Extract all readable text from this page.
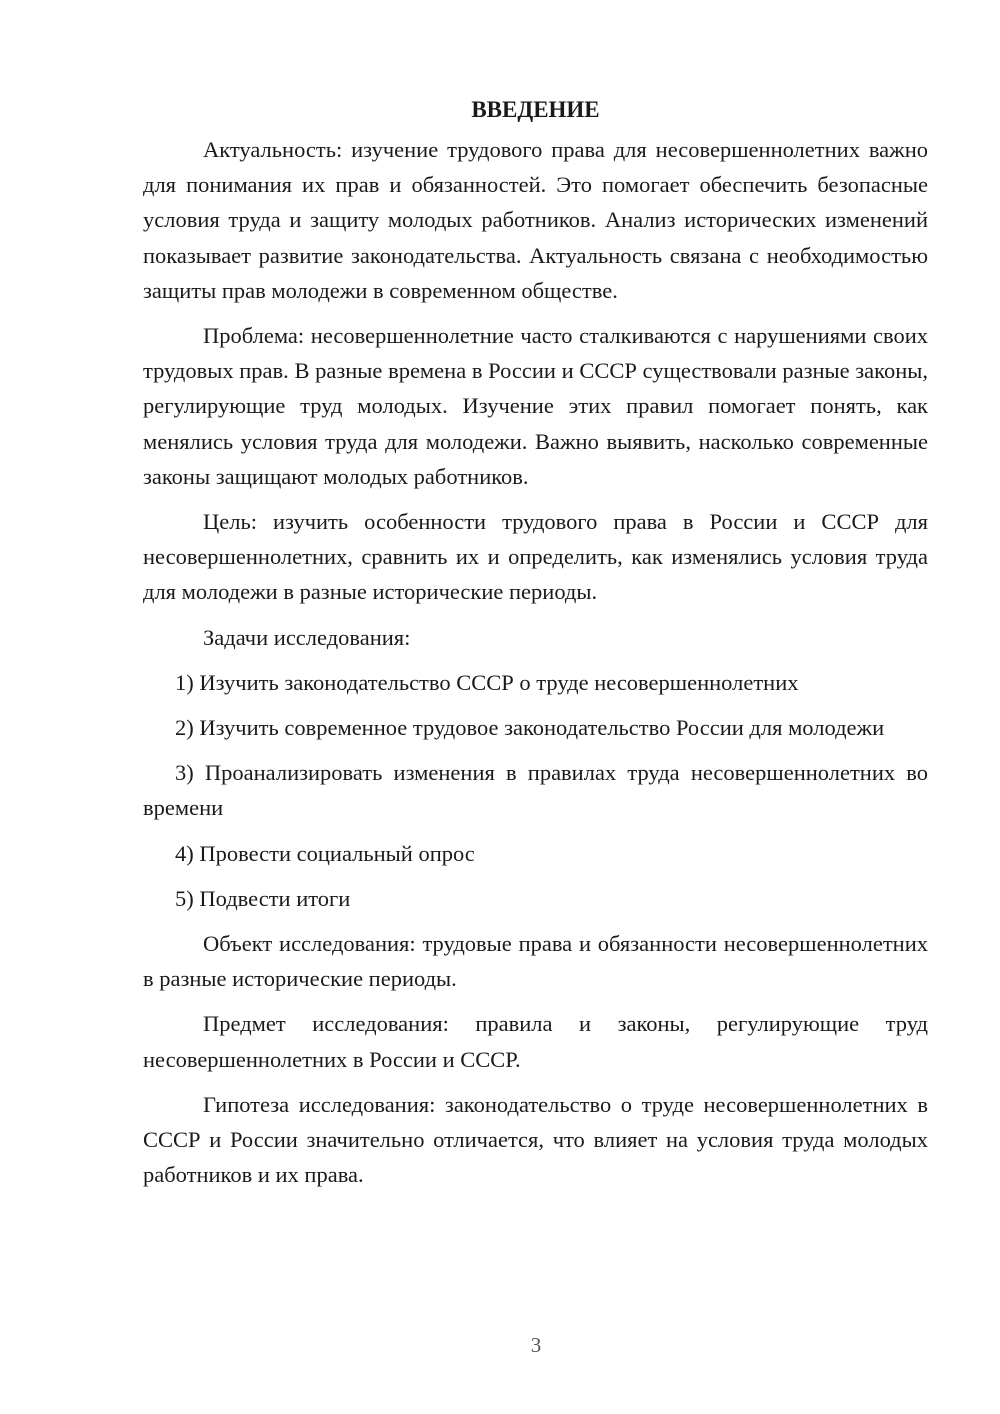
ВВЕДЕНИЕ

Актуальность: изучение трудового права для несовершеннолетних важно для понимания их прав и обязанностей. Это помогает обеспечить безопасные условия труда и защиту молодых работников. Анализ исторических изменений показывает развитие законодательства. Актуальность связана с необходимостью защиты прав молодежи в современном обществе.

Проблема: несовершеннолетние часто сталкиваются с нарушениями своих трудовых прав. В разные времена в России и СССР существовали разные законы, регулирующие труд молодых. Изучение этих правил помогает понять, как менялись условия труда для молодежи. Важно выявить, насколько современные законы защищают молодых работников.

Цель: изучить особенности трудового права в России и СССР для несовершеннолетних, сравнить их и определить, как изменялись условия труда для молодежи в разные исторические периоды.

Задачи исследования:

1) Изучить законодательство СССР о труде несовершеннолетних

2) Изучить современное трудовое законодательство России для молодежи

3) Проанализировать изменения в правилах труда несовершеннолетних во времени

4) Провести социальный опрос

5) Подвести итоги

Объект исследования: трудовые права и обязанности несовершеннолетних в разные исторические периоды.

Предмет исследования: правила и законы, регулирующие труд несовершеннолетних в России и СССР.

Гипотеза исследования: законодательство о труде несовершеннолетних в СССР и России значительно отличается, что влияет на условия труда молодых работников и их права.

3
